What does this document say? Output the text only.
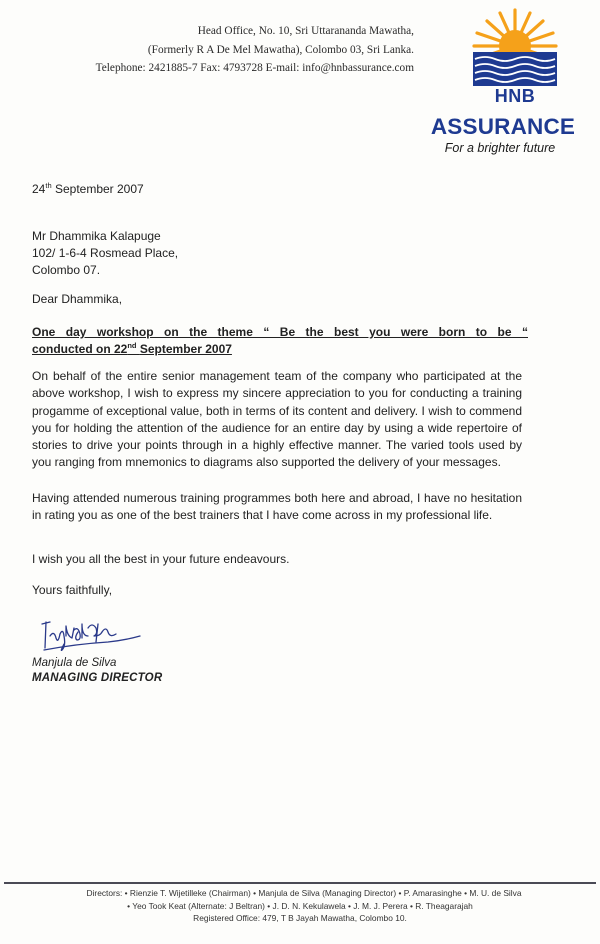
Head Office, No. 10, Sri Uttarananda Mawatha,
(Formerly R A De Mel Mawatha), Colombo 03, Sri Lanka.
Telephone: 2421885-7 Fax: 4793728 E-mail: info@hnbassurance.com
HNB
ASSURANCE
For a brighter future
24th September 2007
Mr Dhammika Kalapuge
102/ 1-6-4 Rosmead Place,
Colombo 07.
Dear Dhammika,
One day workshop on the theme “ Be the best you were born to be “
conducted on 22nd September 2007
On behalf of the entire senior management team of the company who participated at the above workshop, I wish to express my sincere appreciation to you for conducting a training progamme of exceptional value, both in terms of its content and delivery. I wish to commend you for holding the attention of the audience for an entire day by using a wide repertoire of stories to drive your points through in a highly effective manner. The varied tools used by you ranging from mnemonics to diagrams also supported the delivery of your messages.
Having attended numerous training programmes both here and abroad, I have no hesitation in rating you as one of the best trainers that I have come across in my professional life.
I wish you all the best in your future endeavours.
Yours faithfully,
Manjula de Silva
MANAGING DIRECTOR
Directors: • Rienzie T. Wijetilleke (Chairman) • Manjula de Silva (Managing Director) • P. Amarasinghe • M. U. de Silva
• Yeo Took Keat (Alternate: J Beltran) • J. D. N. Kekulawela • J. M. J. Perera • R. Theagarajah
Registered Office: 479, T B Jayah Mawatha, Colombo 10.
